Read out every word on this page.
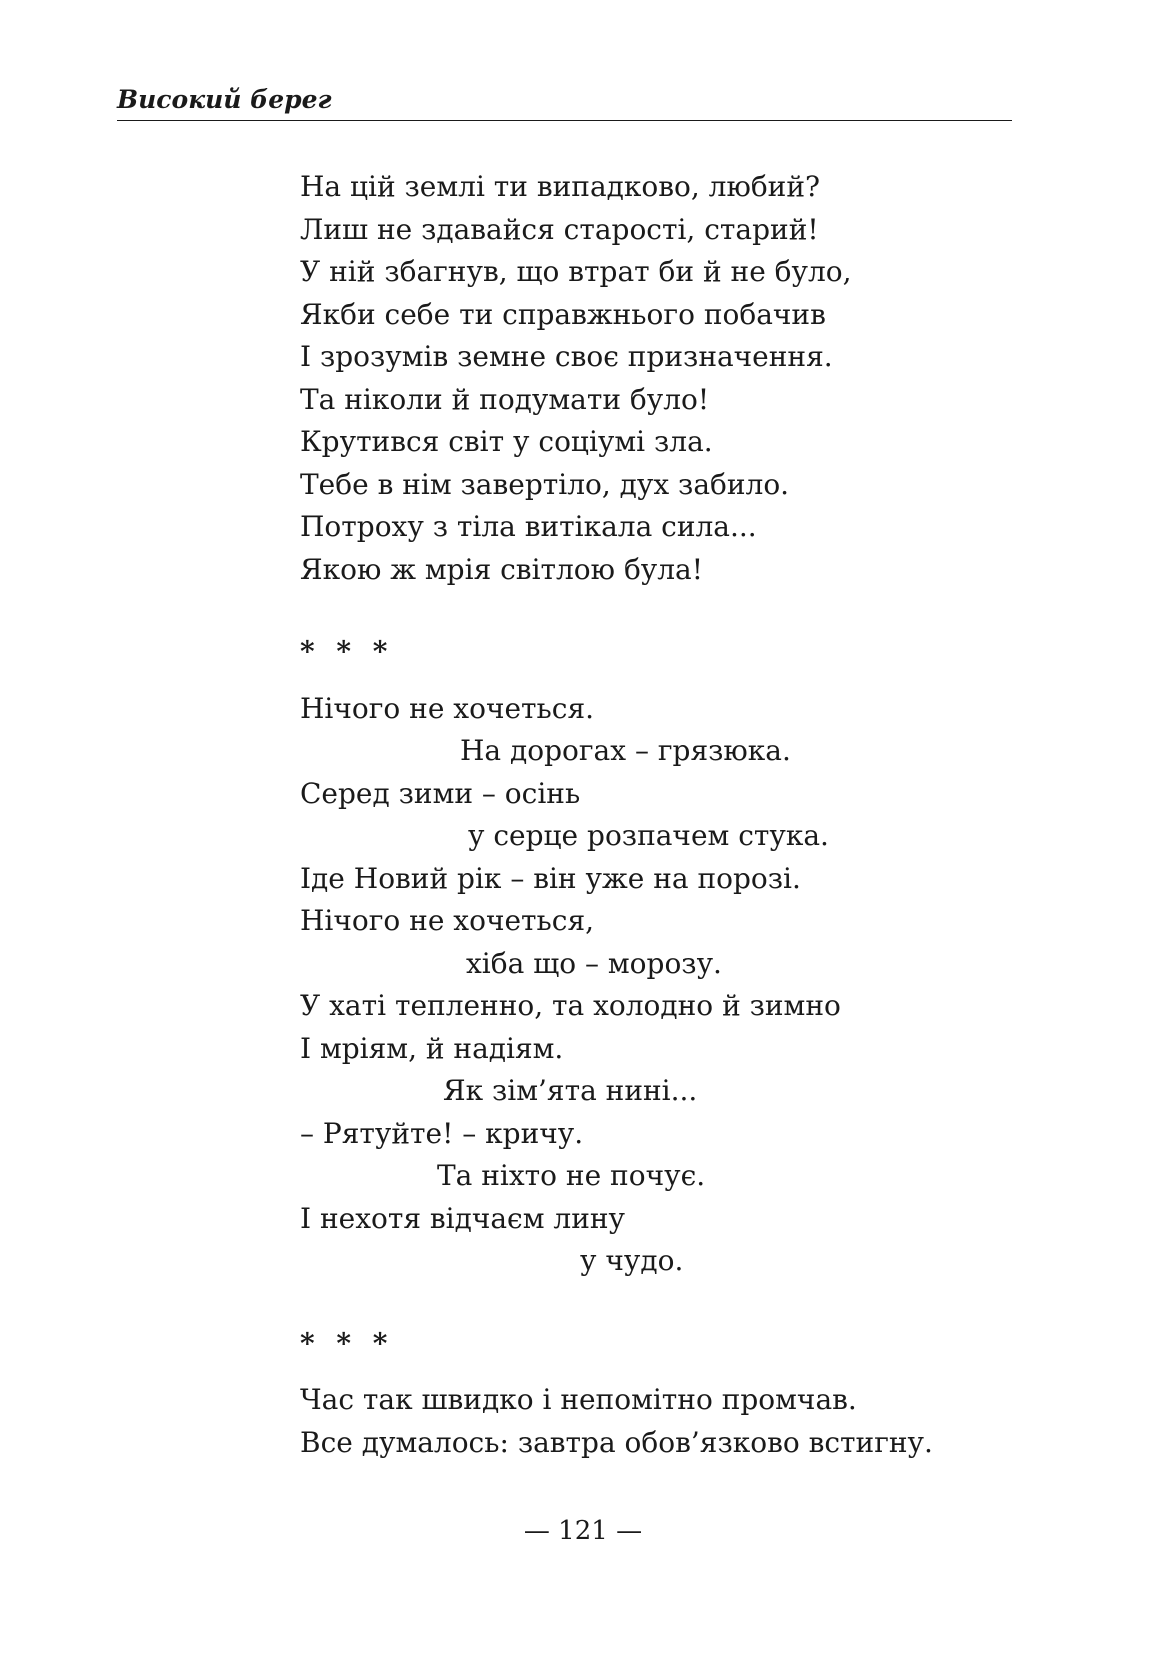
Високий берег
На цій землі ти випадково, любий?
Лиш не здавайся старості, старий!
У ній збагнув, що втрат би й не було,
Якби себе ти справжнього побачив
І зрозумів земне своє призначення.
Та ніколи й подумати було!
Крутився світ у соціумі зла.
Тебе в нім завертіло, дух забило.
Потроху з тіла витікала сила...
Якою ж мрія світлою була!
* * *
Нічого не хочеться.
На дорогах – грязюка.
Серед зими – осінь
у серце розпачем стука.
Іде Новий рік – він уже на порозі.
Нічого не хочеться,
хіба що – морозу.
У хаті тепленно, та холодно й зимно
І мріям, й надіям.
Як зім’ята нині...
– Рятуйте! – кричу.
Та ніхто не почує.
І нехотя відчаєм лину
у чудо.
* * *
Час так швидко і непомітно промчав.
Все думалось: завтра обов’язково встигну.
— 121 —
